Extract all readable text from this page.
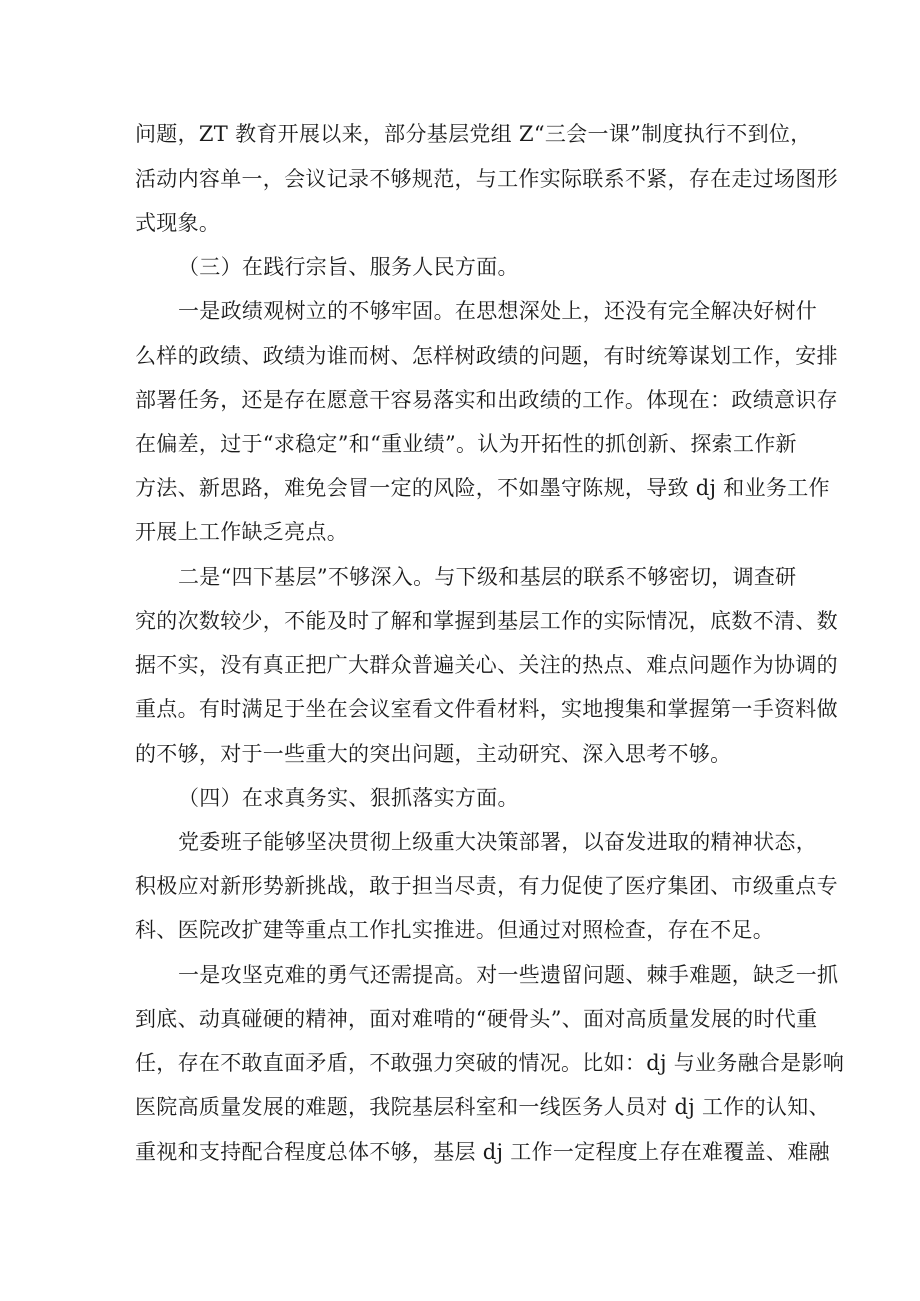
问题，ZT 教育开展以来，部分基层党组 Z“三会一课”制度执行不到位，
活动内容单一，会议记录不够规范，与工作实际联系不紧，存在走过场图形
式现象。
（三）在践行宗旨、服务人民方面。
一是政绩观树立的不够牢固。在思想深处上，还没有完全解决好树什
么样的政绩、政绩为谁而树、怎样树政绩的问题，有时统筹谋划工作，安排
部署任务，还是存在愿意干容易落实和出政绩的工作。体现在：政绩意识存
在偏差，过于“求稳定”和“重业绩”。认为开拓性的抓创新、探索工作新
方法、新思路，难免会冒一定的风险，不如墨守陈规，导致 dj 和业务工作
开展上工作缺乏亮点。
二是“四下基层”不够深入。与下级和基层的联系不够密切，调查研
究的次数较少，不能及时了解和掌握到基层工作的实际情况，底数不清、数
据不实，没有真正把广大群众普遍关心、关注的热点、难点问题作为协调的
重点。有时满足于坐在会议室看文件看材料，实地搜集和掌握第一手资料做
的不够，对于一些重大的突出问题，主动研究、深入思考不够。
（四）在求真务实、狠抓落实方面。
党委班子能够坚决贯彻上级重大决策部署，以奋发进取的精神状态，
积极应对新形势新挑战，敢于担当尽责，有力促使了医疗集团、市级重点专
科、医院改扩建等重点工作扎实推进。但通过对照检查，存在不足。
一是攻坚克难的勇气还需提高。对一些遗留问题、棘手难题，缺乏一抓
到底、动真碰硬的精神，面对难啃的“硬骨头”、面对高质量发展的时代重
任，存在不敢直面矛盾，不敢强力突破的情况。比如：dj 与业务融合是影响
医院高质量发展的难题，我院基层科室和一线医务人员对 dj 工作的认知、
重视和支持配合程度总体不够，基层 dj 工作一定程度上存在难覆盖、难融
